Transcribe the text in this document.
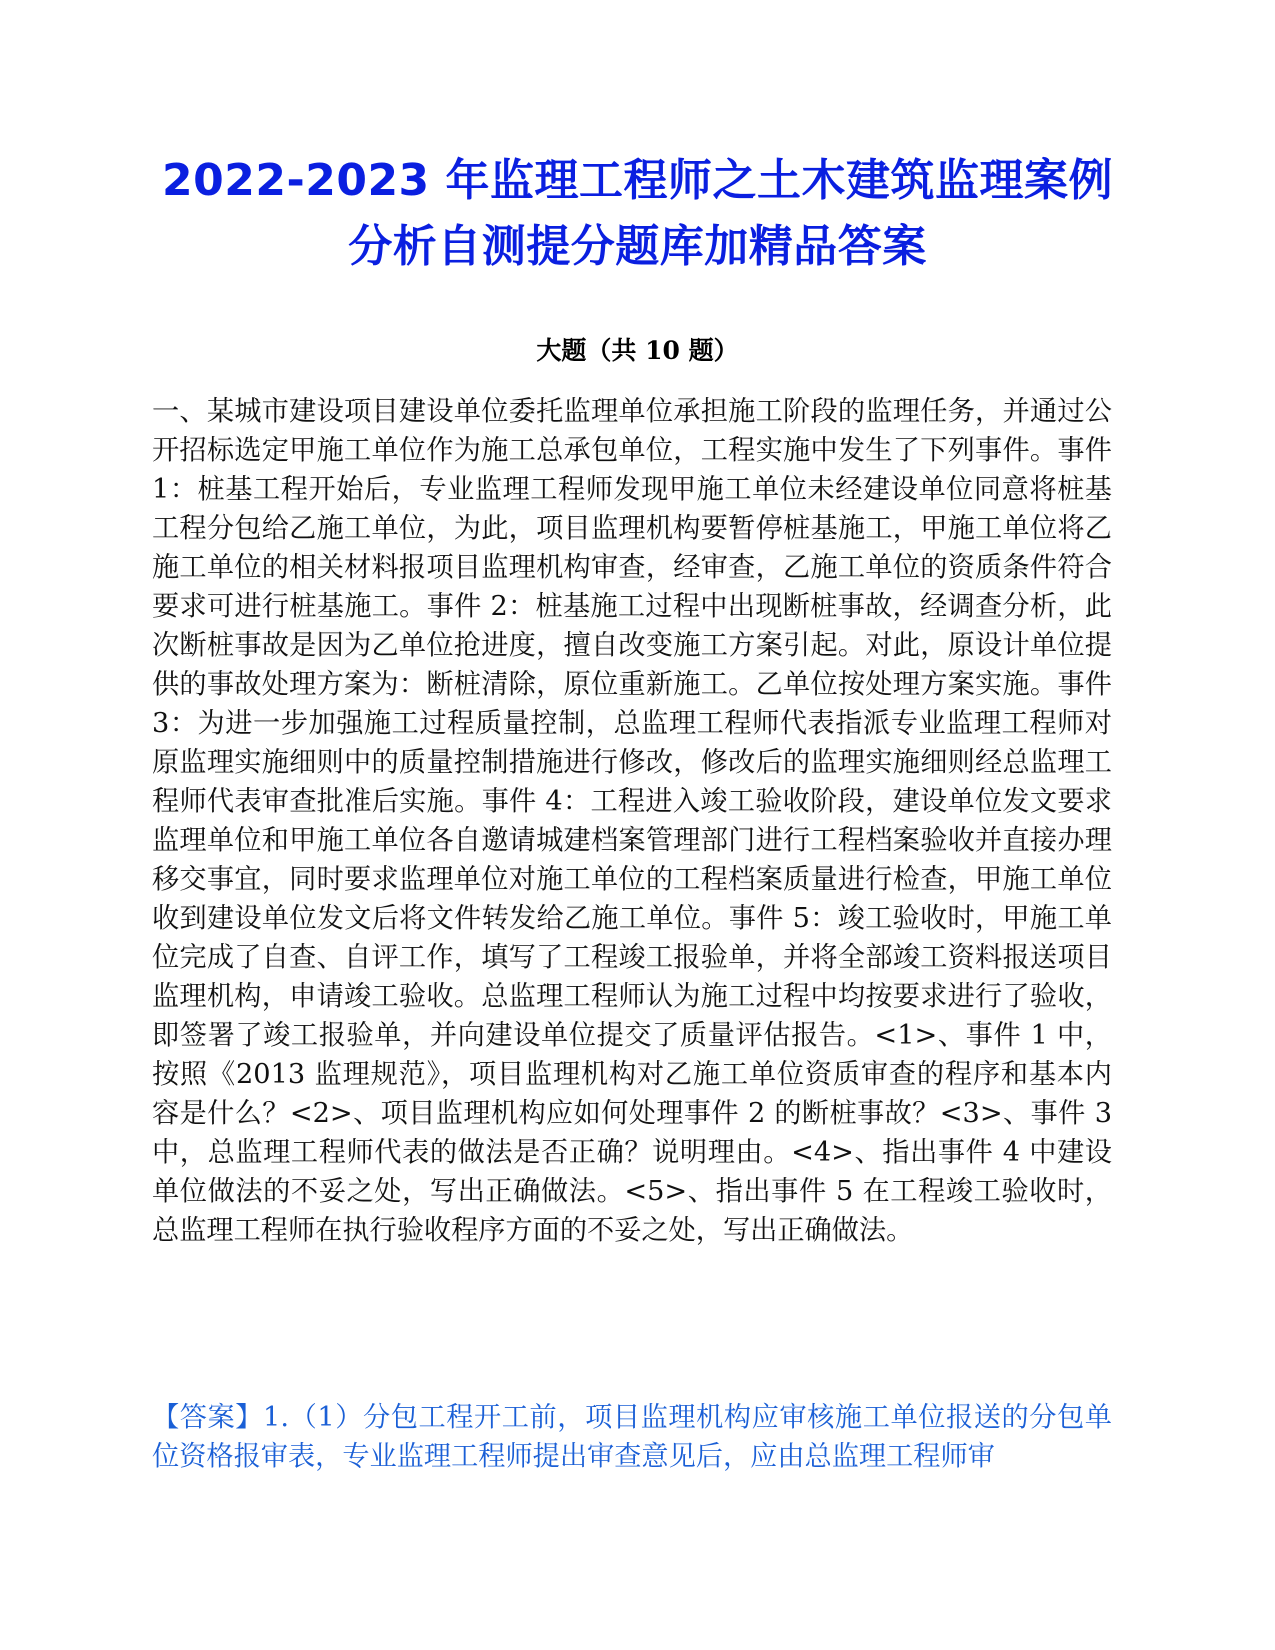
2022-2023 年监理工程师之土木建筑监理案例分析自测提分题库加精品答案
大题（共 10 题）

一、某城市建设项目建设单位委托监理单位承担施工阶段的监理任务，并通过公开招标选定甲施工单位作为施工总承包单位，工程实施中发生了下列事件。事件 1：桩基工程开始后，专业监理工程师发现甲施工单位未经建设单位同意将桩基工程分包给乙施工单位，为此，项目监理机构要暂停桩基施工，甲施工单位将乙施工单位的相关材料报项目监理机构审查，经审查，乙施工单位的资质条件符合要求可进行桩基施工。事件 2：桩基施工过程中出现断桩事故，经调查分析，此次断桩事故是因为乙单位抢进度，擅自改变施工方案引起。对此，原设计单位提供的事故处理方案为：断桩清除，原位重新施工。乙单位按处理方案实施。事件 3：为进一步加强施工过程质量控制，总监理工程师代表指派专业监理工程师对原监理实施细则中的质量控制措施进行修改，修改后的监理实施细则经总监理工程师代表审查批准后实施。事件 4：工程进入竣工验收阶段，建设单位发文要求监理单位和甲施工单位各自邀请城建档案管理部门进行工程档案验收并直接办理移交事宜，同时要求监理单位对施工单位的工程档案质量进行检查，甲施工单位收到建设单位发文后将文件转发给乙施工单位。事件 5：竣工验收时，甲施工单位完成了自查、自评工作，填写了工程竣工报验单，并将全部竣工资料报送项目监理机构，申请竣工验收。总监理工程师认为施工过程中均按要求进行了验收，即签署了竣工报验单，并向建设单位提交了质量评估报告。<1>、事件 1 中，按照《2013 监理规范》，项目监理机构对乙施工单位资质审查的程序和基本内容是什么？<2>、项目监理机构应如何处理事件 2 的断桩事故？<3>、事件 3 中，总监理工程师代表的做法是否正确？说明理由。<4>、指出事件 4 中建设单位做法的不妥之处，写出正确做法。<5>、指出事件 5 在工程竣工验收时，总监理工程师在执行验收程序方面的不妥之处，写出正确做法。

【答案】1.（1）分包工程开工前，项目监理机构应审核施工单位报送的分包单位资格报审表，专业监理工程师提出审查意见后，应由总监理工程师审
